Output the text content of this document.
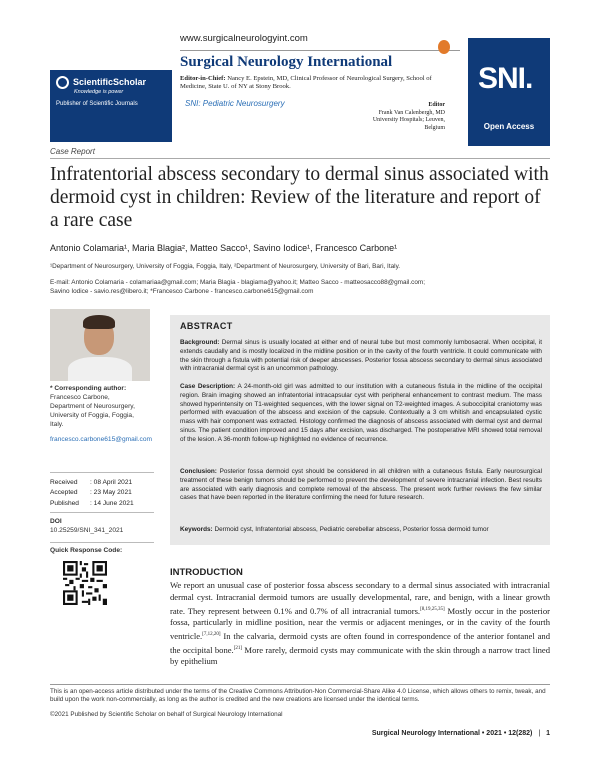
ScientificScholar
Knowledge is power
Publisher of Scientific Journals
www.surgicalneurologyint.com
Surgical Neurology International
Editor-in-Chief: Nancy E. Epstein, MD, Clinical Professor of Neurological Surgery, School of Medicine, State U. of NY at Stony Brook.
SNI: Pediatric Neurosurgery	Editor
Frank Van Calenbergh, MD
University Hospitals; Leuven, Belgium
SNI.
Open Access
Case Report
Infratentorial abscess secondary to dermal sinus associated with dermoid cyst in children: Review of the literature and report of a rare case
Antonio Colamaria¹, Maria Blagia², Matteo Sacco¹, Savino Iodice¹, Francesco Carbone¹
¹Department of Neurosurgery, University of Foggia, Foggia, Italy, ²Department of Neurosurgery, University of Bari, Bari, Italy.
E-mail: Antonio Colamaria - colamariaa@gmail.com; Maria Blagia - blagiama@yahoo.it; Matteo Sacco - matteosacco88@gmail.com;
Savino Iodice - savio.res@libero.it; *Francesco Carbone - francesco.carbone615@gmail.com
* Corresponding author:
Francesco Carbone,
Department of Neurosurgery,
University of Foggia, Foggia,
Italy.
francesco.carbone615@gmail.com
Received	: 08 April 2021
Accepted	: 23 May 2021
Published	: 14 June 2021
DOI
10.25259/SNI_341_2021
Quick Response Code:
ABSTRACT
Background: Dermal sinus is usually located at either end of neural tube but most commonly lumbosacral. When occipital, it extends caudally and is mostly localized in the midline position or in the cavity of the fourth ventricle. It could communicate with the skin through a fistula with potential risk of deeper abscesses. Posterior fossa abscess secondary to dermal sinus associated with intracranial dermal cyst is an uncommon pathology.
Case Description: A 24-month-old girl was admitted to our institution with a cutaneous fistula in the midline of the occipital region. Brain imaging showed an infratentorial intracapsular cyst with peripheral enhancement to contrast medium. The mass showed hyperintensity on T1-weighted sequences, with the lower signal on T2-weighted images. A suboccipital craniotomy was performed with evacuation of the abscess and excision of the capsule. Contextually a 3 cm whitish and encapsulated cystic mass with hair component was extracted. Histology confirmed the diagnosis of abscess associated with dermal cyst and dermal sinus. The patient condition improved and 15 days after excision, was discharged. The postoperative MRI showed total removal of the lesion. A 36-month follow-up highlighted no evidence of recurrence.
Conclusion: Posterior fossa dermoid cyst should be considered in all children with a cutaneous fistula. Early neurosurgical treatment of these benign tumors should be performed to prevent the development of severe intracranial infection. Best results are associated with early diagnosis and complete removal of the abscess. The present work further reviews the few similar cases that have been reported in the literature confirming the need for future research.
Keywords: Dermoid cyst, Infratentorial abscess, Pediatric cerebellar abscess, Posterior fossa dermoid tumor
INTRODUCTION
We report an unusual case of posterior fossa abscess secondary to a dermal sinus associated with intracranial dermal cyst. Intracranial dermoid tumors are usually developmental, rare, and benign, with a linear growth rate. They represent between 0.1% and 0.7% of all intracranial tumors.[8,19,25,35] Mostly occur in the posterior fossa, particularly in midline position, near the vermis or adjacent meninges, or in the cavity of the fourth ventricle.[7,12,20] In the calvaria, dermoid cysts are often found in correspondence of the anterior fontanel and the occipital bone.[21] More rarely, dermoid cysts may communicate with the skin through a narrow tract lined by epithelium
This is an open-access article distributed under the terms of the Creative Commons Attribution-Non Commercial-Share Alike 4.0 License, which allows others to remix, tweak, and build upon the work non-commercially, as long as the author is credited and the new creations are licensed under the identical terms.
©2021 Published by Scientific Scholar on behalf of Surgical Neurology International
Surgical Neurology International • 2021 • 12(282) | 1
